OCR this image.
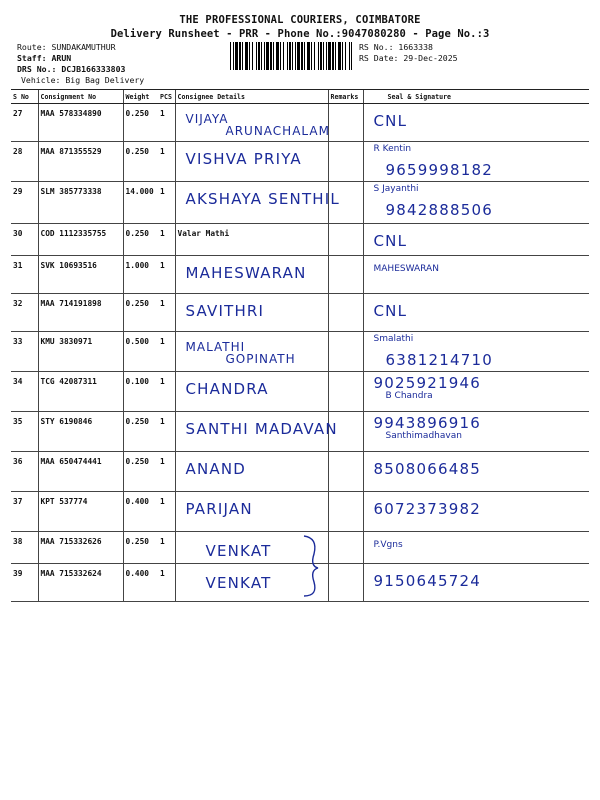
THE PROFESSIONAL COURIERS, COIMBATORE
Delivery Runsheet - PRR - Phone No.:9047080280 - Page No.:3
Route: SUNDAKAMUTHUR
Staff: ARUN
DRS No.: DCJB166333803
Vehicle: Big Bag Delivery
RS No.: 1663338
RS Date: 29-Dec-2025
S No	Consignment No	Weight	PCS	Consignee Details	Remarks	Seal & Signature
27	MAA 578334890	0.250	1	VIJAYA
ARUNACHALAM		CNL

28	MAA 871355529	0.250	1	VISHVA PRIYA		R Kentin
9659998182

29	SLM 385773338	14.000	1	AKSHAYA SENTHIL		S Jayanthi
9842888506

30	COD 1112335755	0.250	1	Valar Mathi		CNL

31	SVK 10693516	1.000	1	MAHESWARAN		MAHESWARAN

32	MAA 714191898	0.250	1	SAVITHRI		CNL

33	KMU 3830971	0.500	1	MALATHI
GOPINATH		Smalathi
6381214710

34	TCG 42087311	0.100	1	CHANDRA		9025921946
B Chandra

35	STY 6190846	0.250	1	SANTHI MADAVAN		9943896916
Santhimadhavan

36	MAA 650474441	0.250	1	ANAND		8508066485

37	KPT 537774	0.400	1	PARIJAN		6072373982

38	MAA 715332626	0.250	1	VENKAT		P.Vgns

39	MAA 715332624	0.400	1	VENKAT		9150645724
